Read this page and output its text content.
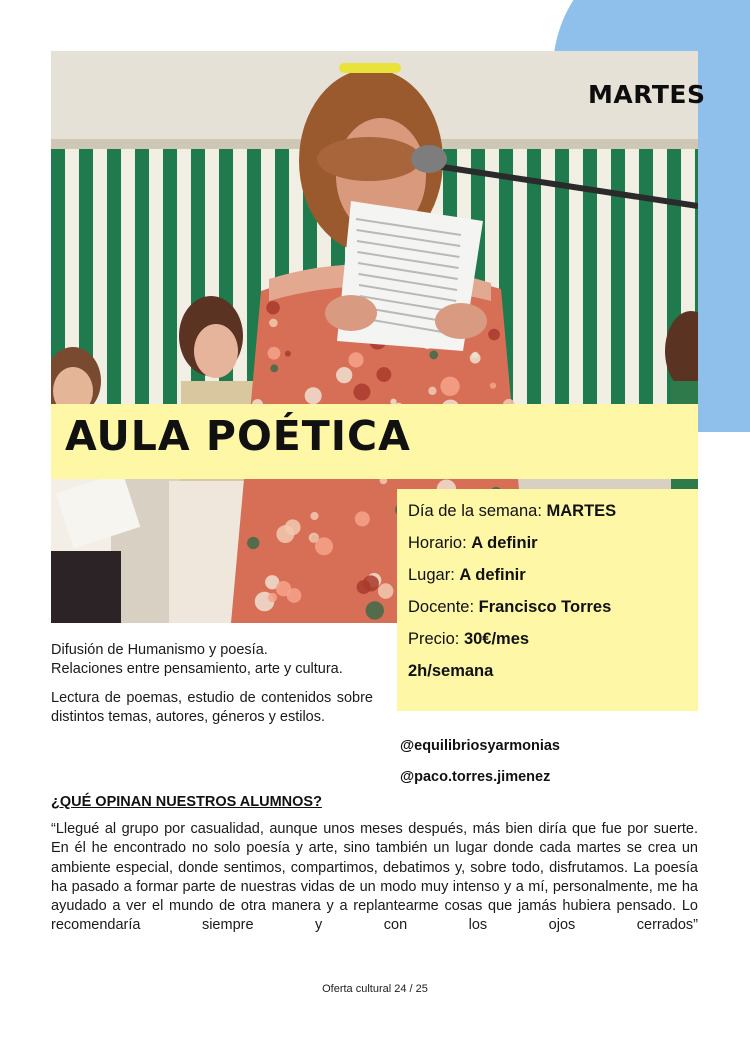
MARTES
AULA POÉTICA
Día de la semana: MARTES
Horario: A definir
Lugar: A definir
Docente: Francisco Torres
Precio: 30€/mes
2h/semana
Difusión de Humanismo y poesía.
Relaciones entre pensamiento, arte y cultura.
Lectura de poemas, estudio de contenidos sobre distintos temas, autores, géneros y estilos.
@equilibriosyarmonias
@paco.torres.jimenez
¿QUÉ OPINAN NUESTROS ALUMNOS?
“Llegué al grupo por casualidad, aunque unos meses después, más bien diría que fue por suerte. En él he encontrado no solo poesía y arte, sino también un lugar donde cada martes se crea un ambiente especial, donde sentimos, compartimos, debatimos y, sobre todo, disfrutamos. La poesía ha pasado a formar parte de nuestras vidas de un modo muy intenso y a mí, personalmente, me ha ayudado a ver el mundo de otra manera y a replantearme cosas que jamás hubiera pensado. Lo recomendaría siempre y con los ojos cerrados”
Oferta cultural 24 / 25
